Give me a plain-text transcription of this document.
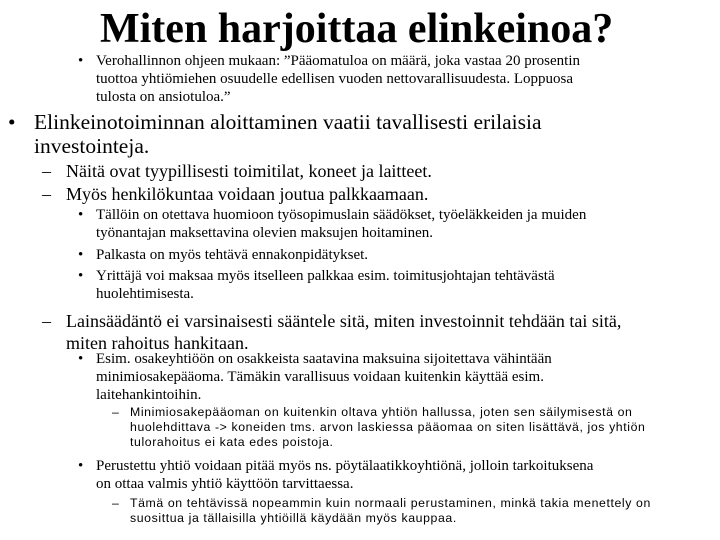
Miten harjoittaa elinkeinoa?
• Verohallinnon ohjeen mukaan: ”Pääomatuloa on määrä, joka vastaa 20 prosentin
tuottoa yhtiömiehen osuudelle edellisen vuoden nettovarallisuudesta. Loppuosa
tulosta on ansiotuloa.”
• Elinkeinotoiminnan aloittaminen vaatii tavallisesti erilaisia
investointeja.
– Näitä ovat tyypillisesti toimitilat, koneet ja laitteet.
– Myös henkilökuntaa voidaan joutua palkkaamaan.
• Tällöin on otettava huomioon työsopimuslain säädökset, työeläkkeiden ja muiden
työnantajan maksettavina olevien maksujen hoitaminen.
• Palkasta on myös tehtävä ennakonpidätykset.
• Yrittäjä voi maksaa myös itselleen palkkaa esim. toimitusjohtajan tehtävästä
huolehtimisesta.
– Lainsäädäntö ei varsinaisesti sääntele sitä, miten investoinnit tehdään tai sitä,
miten rahoitus hankitaan.
• Esim. osakeyhtiöön on osakkeista saatavina maksuina sijoitettava vähintään
minimiosakepääoma. Tämäkin varallisuus voidaan kuitenkin käyttää esim.
laitehankintoihin.
– Minimiosakepääoman on kuitenkin oltava yhtiön hallussa, joten sen säilymisestä on
huolehdittava -> koneiden tms. arvon laskiessa pääomaa on siten lisättävä, jos yhtiön
tulorahoitus ei kata edes poistoja.
• Perustettu yhtiö voidaan pitää myös ns. pöytälaatikkoyhtiönä, jolloin tarkoituksena
on ottaa valmis yhtiö käyttöön tarvittaessa.
– Tämä on tehtävissä nopeammin kuin normaali perustaminen, minkä takia menettely on
suosittua ja tällaisilla yhtiöillä käydään myös kauppaa.
